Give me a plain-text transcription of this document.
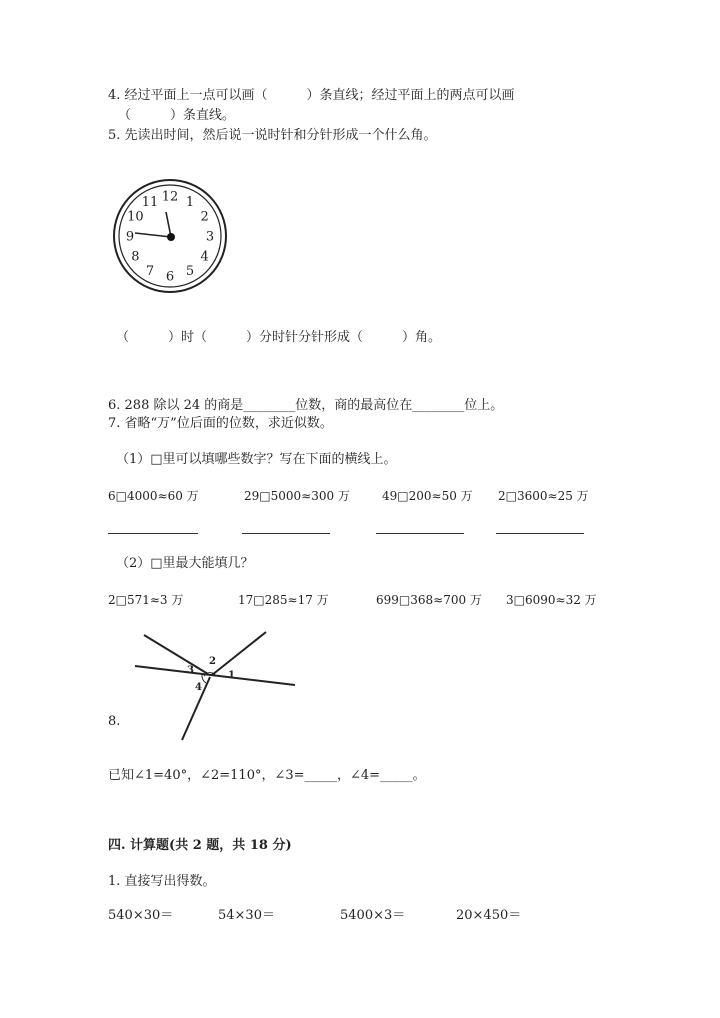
4. 经过平面上一点可以画（　　　）条直线；经过平面上的两点可以画
（　　　）条直线。
5. 先读出时间，然后说一说时针和分针形成一个什么角。
12 1
2
3
4
5
6
7
8
9
10
11
（　　　）时（　　　）分时针分针形成（　　　）角。
6. 288 除以 24 的商是________位数，商的最高位在________位上。
7. 省略“万”位后面的位数，求近似数。
（1）□里可以填哪些数字？写在下面的横线上。
6□4000≈60 万	29□5000≈300 万	49□200≈50 万 2□3600≈25 万
（2）□里最大能填几？
2□571≈3 万	17□285≈17 万	699□368≈700 万 3□6090≈32 万
2
3	1
4
8.
已知∠1=40°，∠2=110°，∠3=_____，∠4=_____。
四. 计算题(共 2 题，共 18 分)
1. 直接写出得数。
540×30＝	54×30＝	5400×3＝	20×450＝
